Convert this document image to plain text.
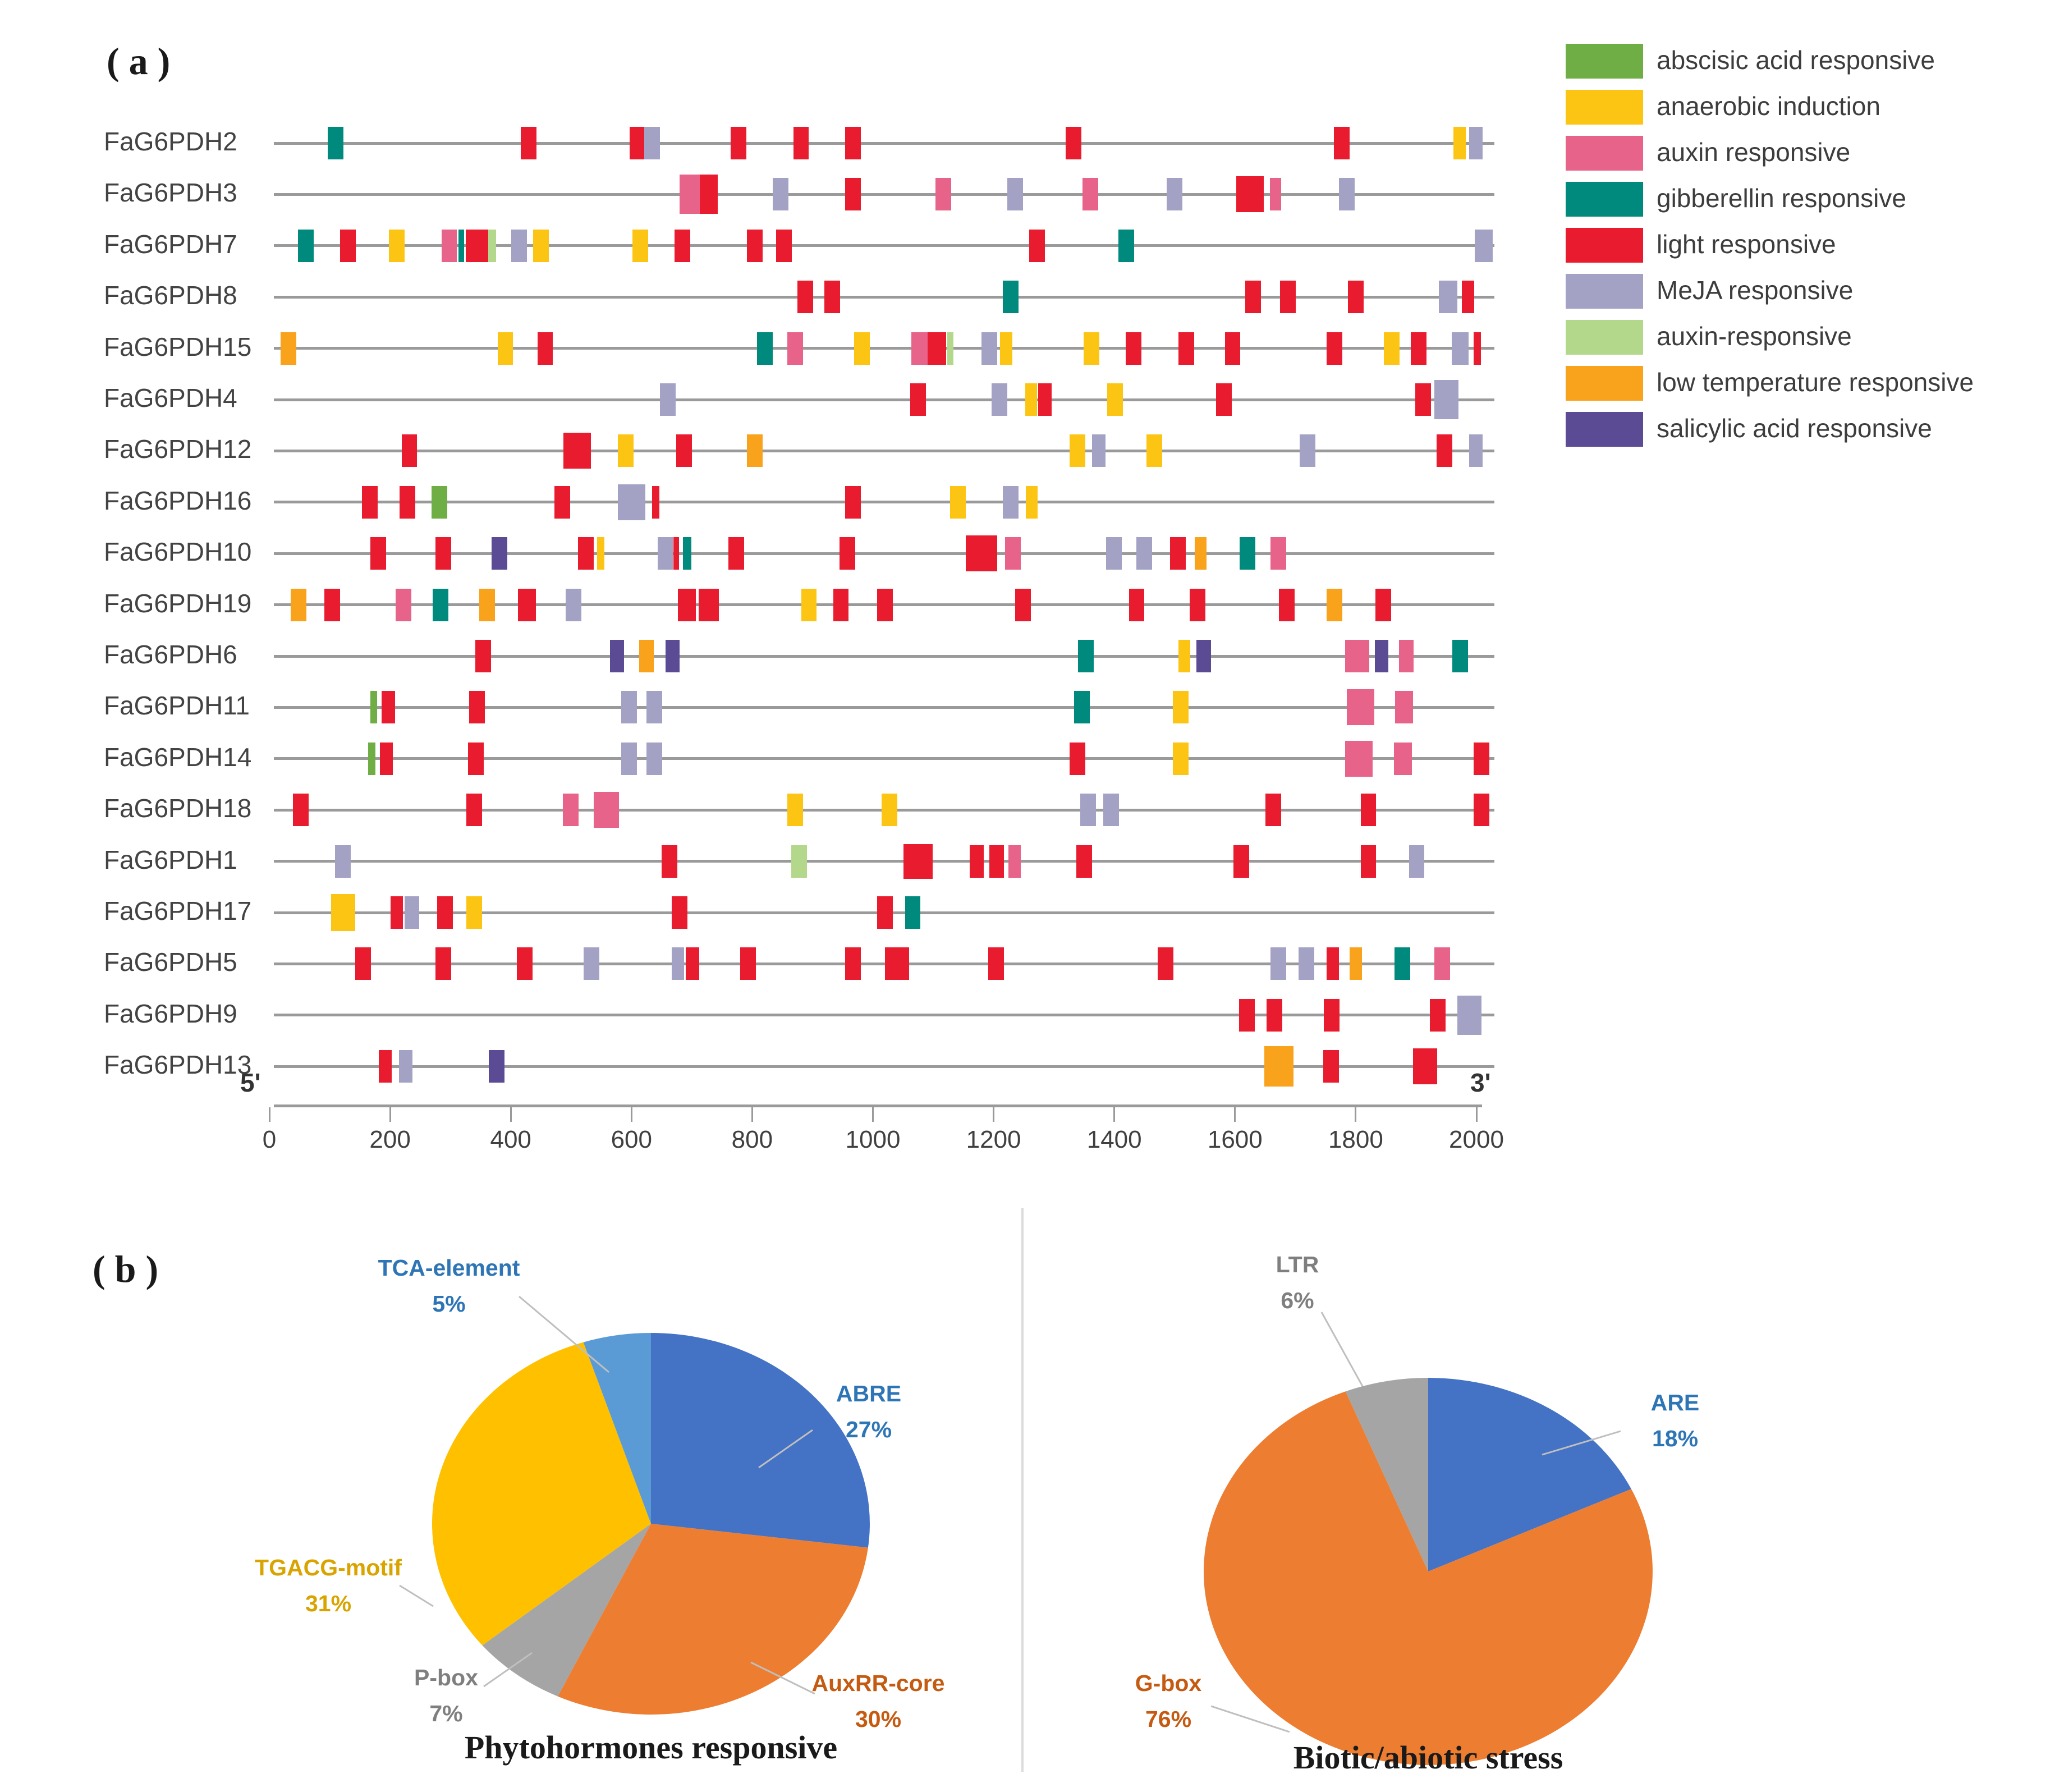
( a )
FaG6PDH2
FaG6PDH3
FaG6PDH7
FaG6PDH8
FaG6PDH15
FaG6PDH4
FaG6PDH12
FaG6PDH16
FaG6PDH10
FaG6PDH19
FaG6PDH6
FaG6PDH11
FaG6PDH14
FaG6PDH18
FaG6PDH1
FaG6PDH17
FaG6PDH5
FaG6PDH9
FaG6PDH13
0	200	400	600	800	1000	1200	1400	1600	1800	2000
5'	3'
abscisic acid responsive
anaerobic induction
auxin responsive
gibberellin responsive
light responsive
MeJA responsive
auxin-responsive
low temperature responsive
salicylic acid responsive
( b )	TCA-element
5%
ABRE
27%
TGACG-motif
31%
P-box
7%
AuxRR-core
30%
Phytohormones responsive
LTR
6%
ARE
18%
G-box
76%
Biotic/abiotic stress
